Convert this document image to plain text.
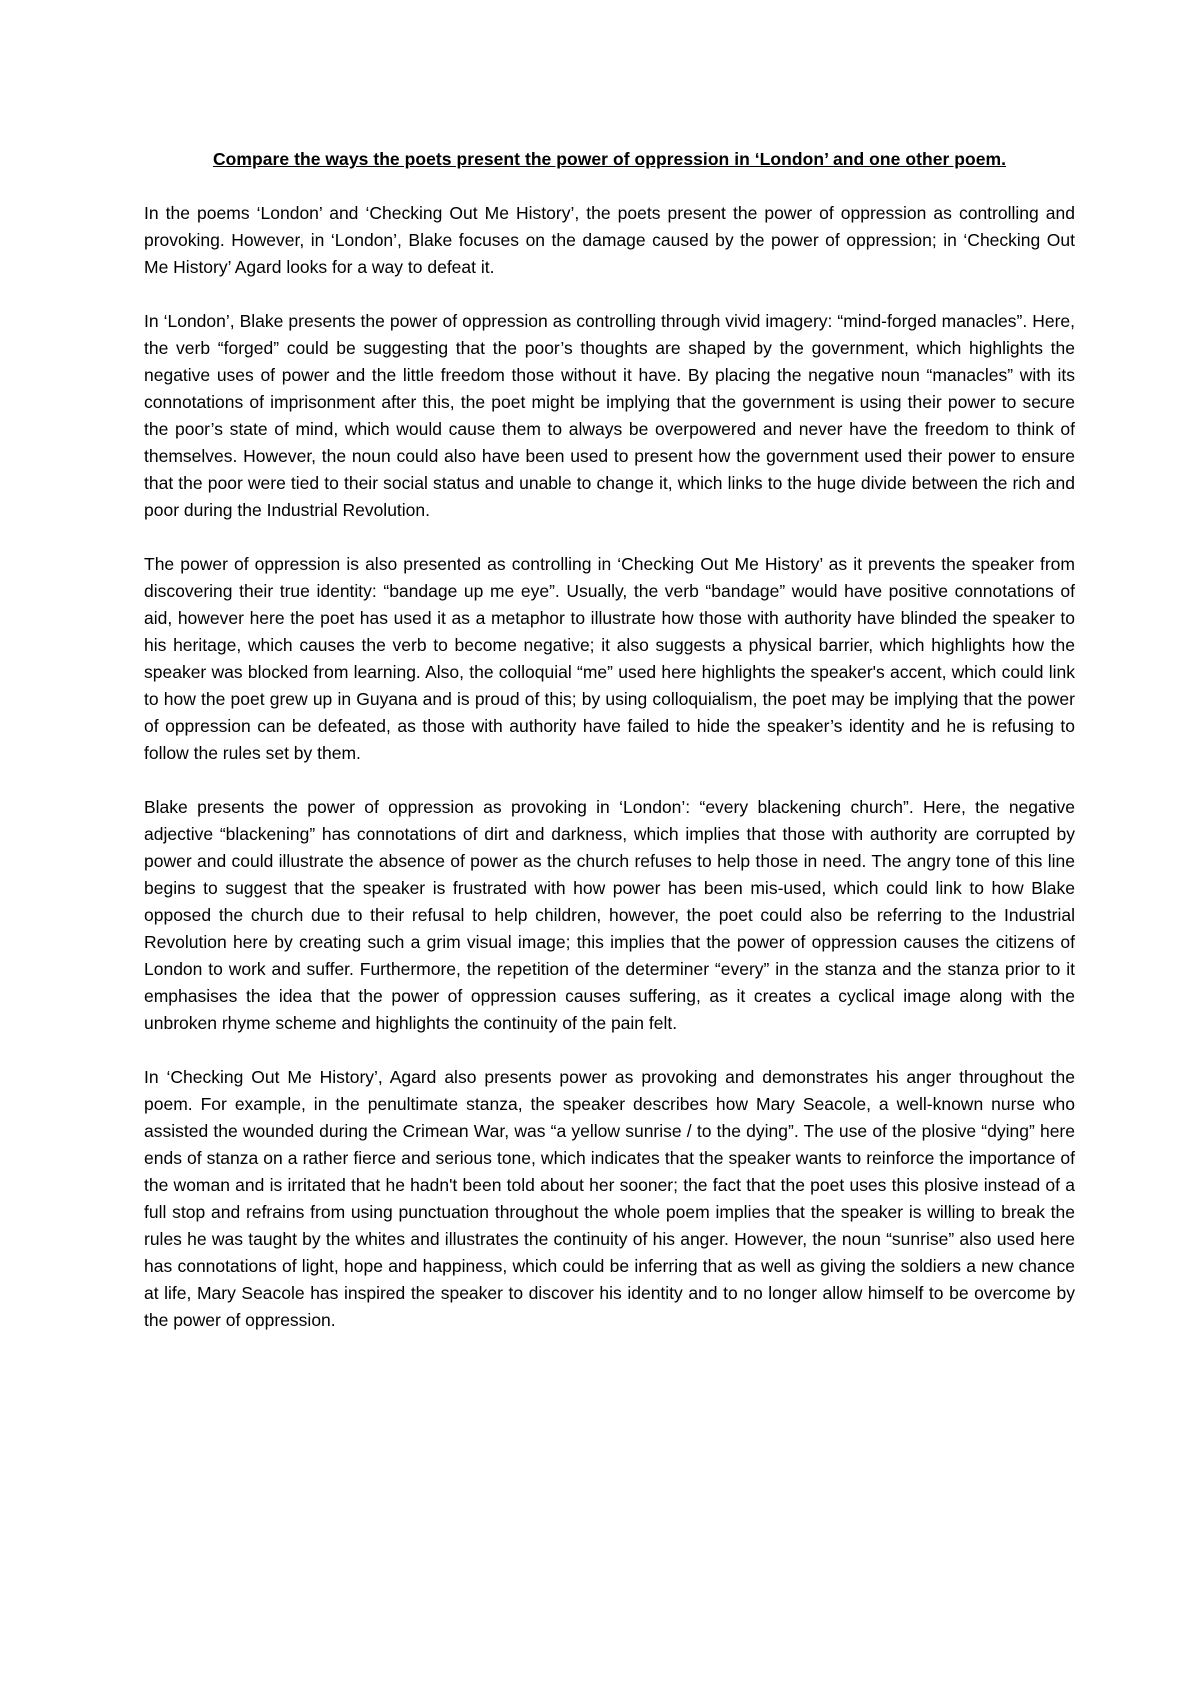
Compare the ways the poets present the power of oppression in ‘London’ and one other poem.

In the poems ‘London’ and ‘Checking Out Me History’, the poets present the power of oppression as controlling and provoking. However, in ‘London’, Blake focuses on the damage caused by the power of oppression; in ‘Checking Out Me History’ Agard looks for a way to defeat it.

In ‘London’, Blake presents the power of oppression as controlling through vivid imagery: “mind-forged manacles”. Here, the verb “forged” could be suggesting that the poor’s thoughts are shaped by the government, which highlights the negative uses of power and the little freedom those without it have. By placing the negative noun “manacles” with its connotations of imprisonment after this, the poet might be implying that the government is using their power to secure the poor’s state of mind, which would cause them to always be overpowered and never have the freedom to think of themselves. However, the noun could also have been used to present how the government used their power to ensure that the poor were tied to their social status and unable to change it, which links to the huge divide between the rich and poor during the Industrial Revolution.

The power of oppression is also presented as controlling in ‘Checking Out Me History’ as it prevents the speaker from discovering their true identity: “bandage up me eye”. Usually, the verb “bandage” would have positive connotations of aid, however here the poet has used it as a metaphor to illustrate how those with authority have blinded the speaker to his heritage, which causes the verb to become negative; it also suggests a physical barrier, which highlights how the speaker was blocked from learning. Also, the colloquial “me” used here highlights the speaker's accent, which could link to how the poet grew up in Guyana and is proud of this; by using colloquialism, the poet may be implying that the power of oppression can be defeated, as those with authority have failed to hide the speaker’s identity and he is refusing to follow the rules set by them.

Blake presents the power of oppression as provoking in ‘London’: “every blackening church”. Here, the negative adjective “blackening” has connotations of dirt and darkness, which implies that those with authority are corrupted by power and could illustrate the absence of power as the church refuses to help those in need. The angry tone of this line begins to suggest that the speaker is frustrated with how power has been mis-used, which could link to how Blake opposed the church due to their refusal to help children, however, the poet could also be referring to the Industrial Revolution here by creating such a grim visual image; this implies that the power of oppression causes the citizens of London to work and suffer. Furthermore, the repetition of the determiner “every” in the stanza and the stanza prior to it emphasises the idea that the power of oppression causes suffering, as it creates a cyclical image along with the unbroken rhyme scheme and highlights the continuity of the pain felt.

In ‘Checking Out Me History’, Agard also presents power as provoking and demonstrates his anger throughout the poem. For example, in the penultimate stanza, the speaker describes how Mary Seacole, a well-known nurse who assisted the wounded during the Crimean War, was “a yellow sunrise / to the dying”. The use of the plosive “dying” here ends of stanza on a rather fierce and serious tone, which indicates that the speaker wants to reinforce the importance of the woman and is irritated that he hadn't been told about her sooner; the fact that the poet uses this plosive instead of a full stop and refrains from using punctuation throughout the whole poem implies that the speaker is willing to break the rules he was taught by the whites and illustrates the continuity of his anger. However, the noun “sunrise” also used here has connotations of light, hope and happiness, which could be inferring that as well as giving the soldiers a new chance at life, Mary Seacole has inspired the speaker to discover his identity and to no longer allow himself to be overcome by the power of oppression.
